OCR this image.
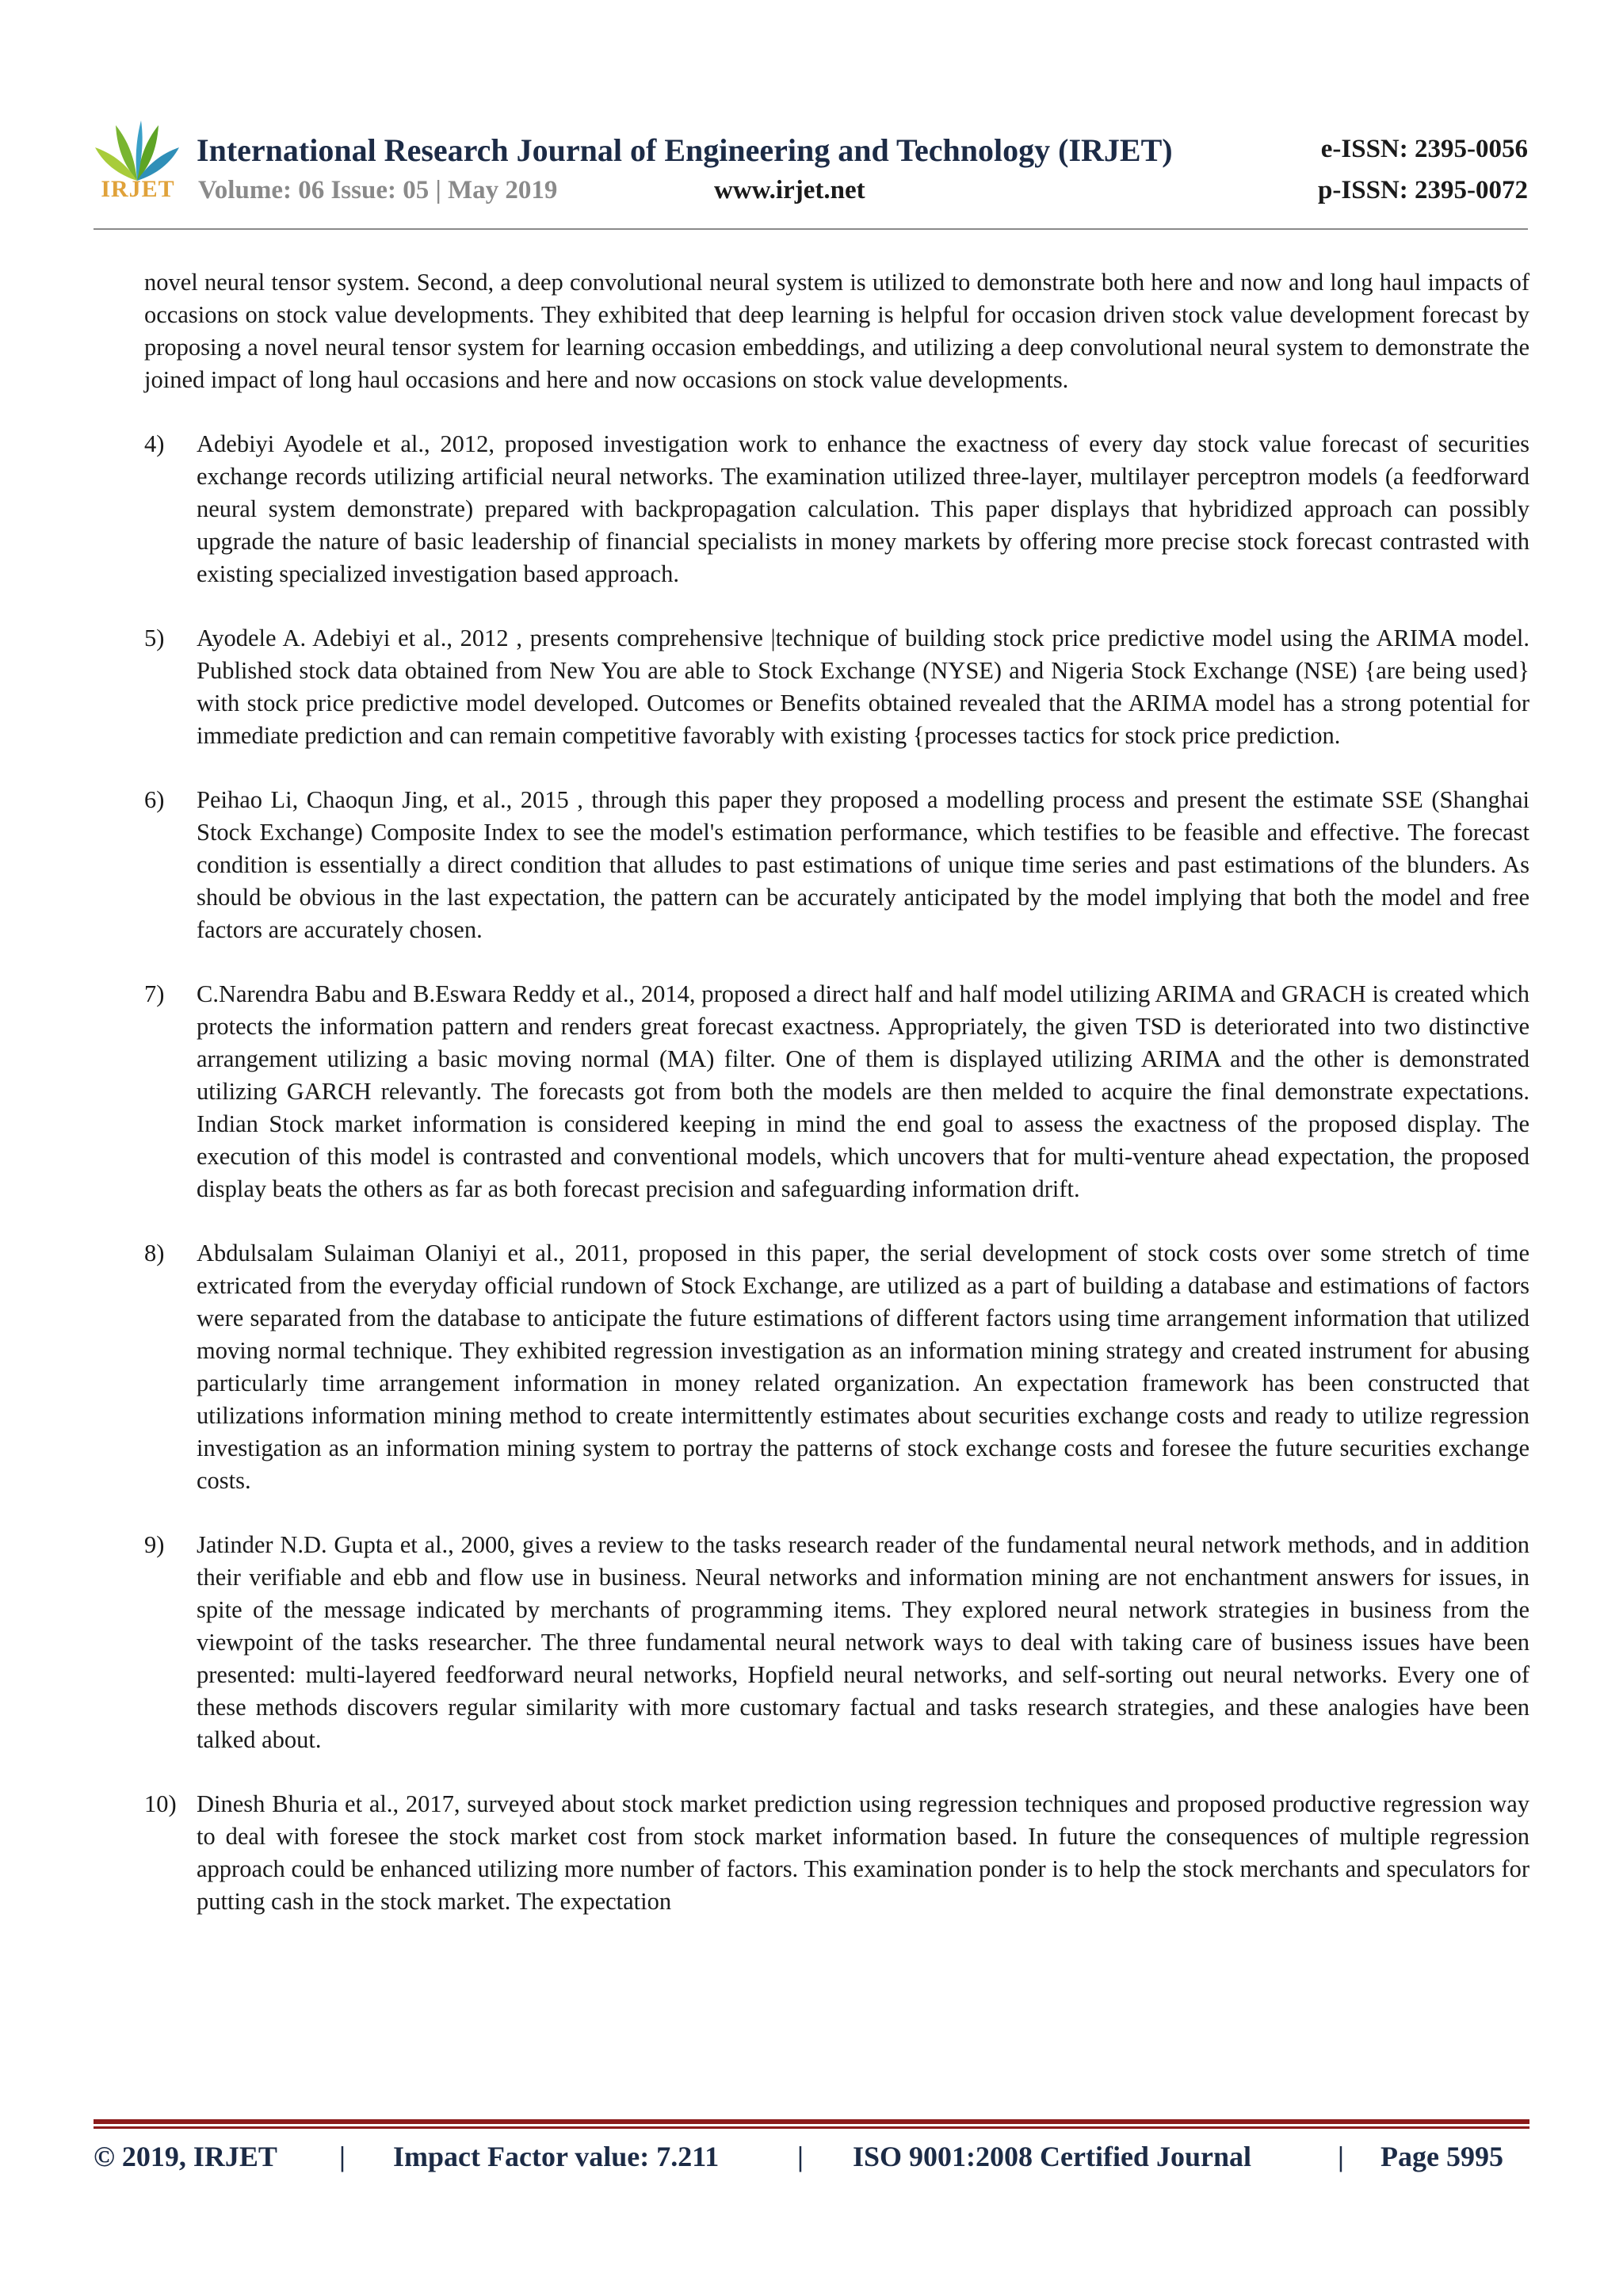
IRJET
International Research Journal of Engineering and Technology (IRJET)
Volume: 06 Issue: 05 | May 2019	www.irjet.net
e-ISSN: 2395-0056
p-ISSN: 2395-0072

novel neural tensor system. Second, a deep convolutional neural system is utilized to demonstrate both here and now and long haul impacts of occasions on stock value developments. They exhibited that deep learning is helpful for occasion driven stock value development forecast by proposing a novel neural tensor system for learning occasion embeddings, and utilizing a deep convolutional neural system to demonstrate the joined impact of long haul occasions and here and now occasions on stock value developments.

4) Adebiyi Ayodele et al., 2012, proposed investigation work to enhance the exactness of every day stock value forecast of securities exchange records utilizing artificial neural networks. The examination utilized three-layer, multilayer perceptron models (a feedforward neural system demonstrate) prepared with backpropagation calculation. This paper displays that hybridized approach can possibly upgrade the nature of basic leadership of financial specialists in money markets by offering more precise stock forecast contrasted with existing specialized investigation based approach.
5) Ayodele A. Adebiyi et al., 2012 , presents comprehensive |technique of building stock price predictive model using the ARIMA model. Published stock data obtained from New You are able to Stock Exchange (NYSE) and Nigeria Stock Exchange (NSE) {are being used} with stock price predictive model developed. Outcomes or Benefits obtained revealed that the ARIMA model has a strong potential for immediate prediction and can remain competitive favorably with existing {processes tactics for stock price prediction.
6) Peihao Li, Chaoqun Jing, et al., 2015 , through this paper they proposed a modelling process and present the estimate SSE (Shanghai Stock Exchange) Composite Index to see the model's estimation performance, which testifies to be feasible and effective. The forecast condition is essentially a direct condition that alludes to past estimations of unique time series and past estimations of the blunders. As should be obvious in the last expectation, the pattern can be accurately anticipated by the model implying that both the model and free factors are accurately chosen.
7) C.Narendra Babu and B.Eswara Reddy et al., 2014, proposed a direct half and half model utilizing ARIMA and GRACH is created which protects the information pattern and renders great forecast exactness. Appropriately, the given TSD is deteriorated into two distinctive arrangement utilizing a basic moving normal (MA) filter. One of them is displayed utilizing ARIMA and the other is demonstrated utilizing GARCH relevantly. The forecasts got from both the models are then melded to acquire the final demonstrate expectations. Indian Stock market information is considered keeping in mind the end goal to assess the exactness of the proposed display. The execution of this model is contrasted and conventional models, which uncovers that for multi-venture ahead expectation, the proposed display beats the others as far as both forecast precision and safeguarding information drift.
8) Abdulsalam Sulaiman Olaniyi et al., 2011, proposed in this paper, the serial development of stock costs over some stretch of time extricated from the everyday official rundown of Stock Exchange, are utilized as a part of building a database and estimations of factors were separated from the database to anticipate the future estimations of different factors using time arrangement information that utilized moving normal technique. They exhibited regression investigation as an information mining strategy and created instrument for abusing particularly time arrangement information in money related organization. An expectation framework has been constructed that utilizations information mining method to create intermittently estimates about securities exchange costs and ready to utilize regression investigation as an information mining system to portray the patterns of stock exchange costs and foresee the future securities exchange costs.
9) Jatinder N.D. Gupta et al., 2000, gives a review to the tasks research reader of the fundamental neural network methods, and in addition their verifiable and ebb and flow use in business. Neural networks and information mining are not enchantment answers for issues, in spite of the message indicated by merchants of programming items. They explored neural network strategies in business from the viewpoint of the tasks researcher. The three fundamental neural network ways to deal with taking care of business issues have been presented: multi-layered feedforward neural networks, Hopfield neural networks, and self-sorting out neural networks. Every one of these methods discovers regular similarity with more customary factual and tasks research strategies, and these analogies have been talked about.
10) Dinesh Bhuria et al., 2017, surveyed about stock market prediction using regression techniques and proposed productive regression way to deal with foresee the stock market cost from stock market information based. In future the consequences of multiple regression approach could be enhanced utilizing more number of factors. This examination ponder is to help the stock merchants and speculators for putting cash in the stock market. The expectation
© 2019, IRJET | Impact Factor value: 7.211	| ISO 9001:2008 Certified Journal	| Page 5995
